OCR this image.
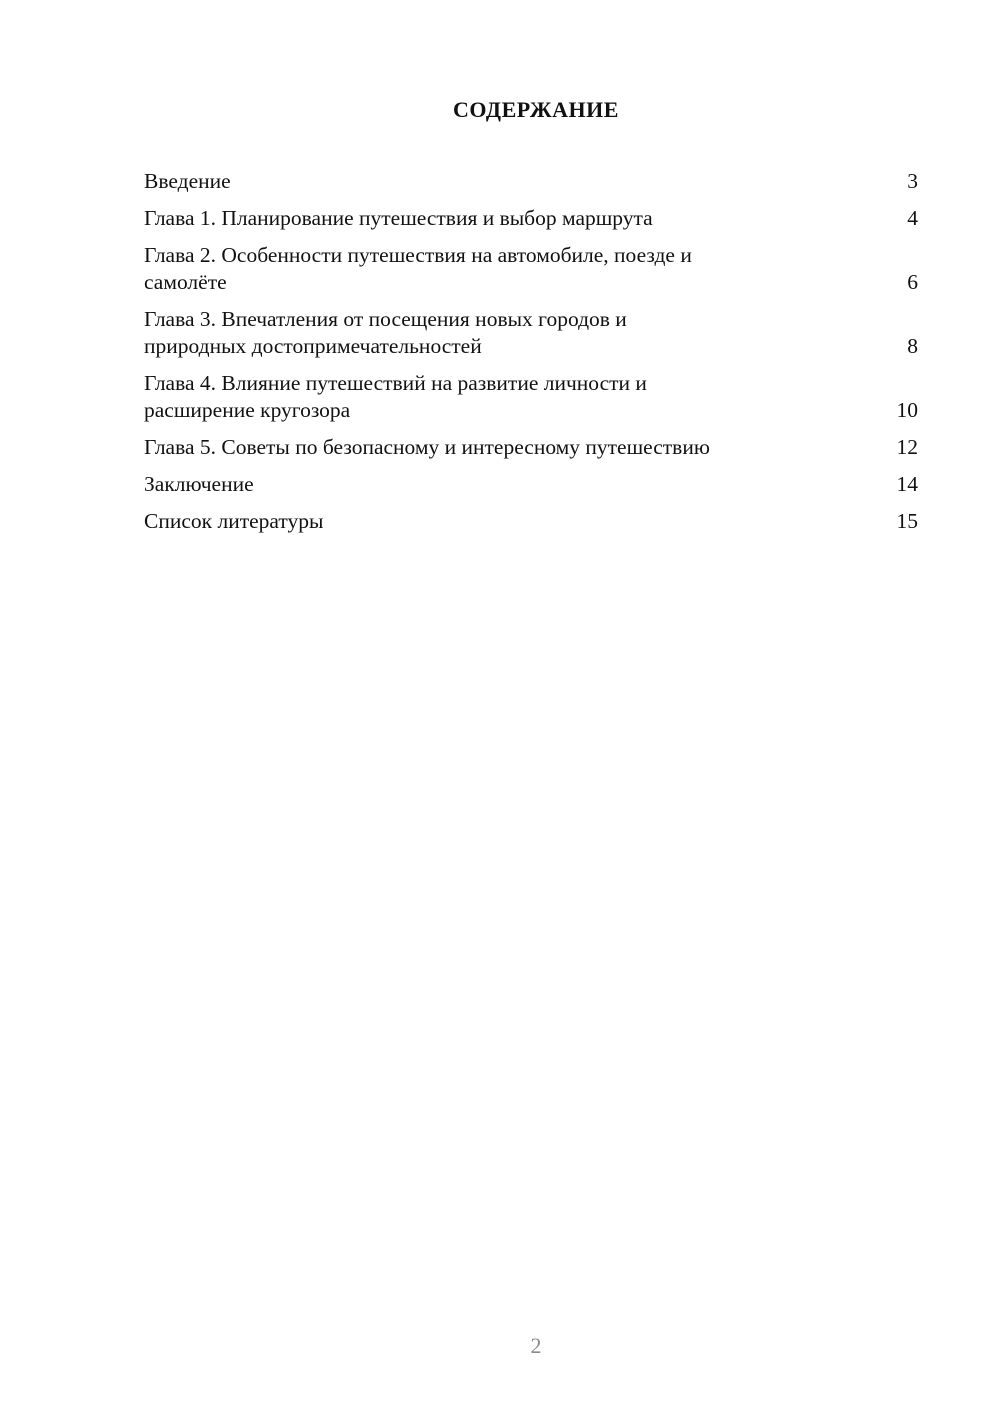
СОДЕРЖАНИЕ
Введение	3
Глава 1. Планирование путешествия и выбор маршрута	4
Глава 2. Особенности путешествия на автомобиле, поезде и
самолёте	6
Глава 3. Впечатления от посещения новых городов и
природных достопримечательностей	8
Глава 4. Влияние путешествий на развитие личности и
расширение кругозора	10
Глава 5. Советы по безопасному и интересному путешествию	12
Заключение	14
Список литературы	15
2
